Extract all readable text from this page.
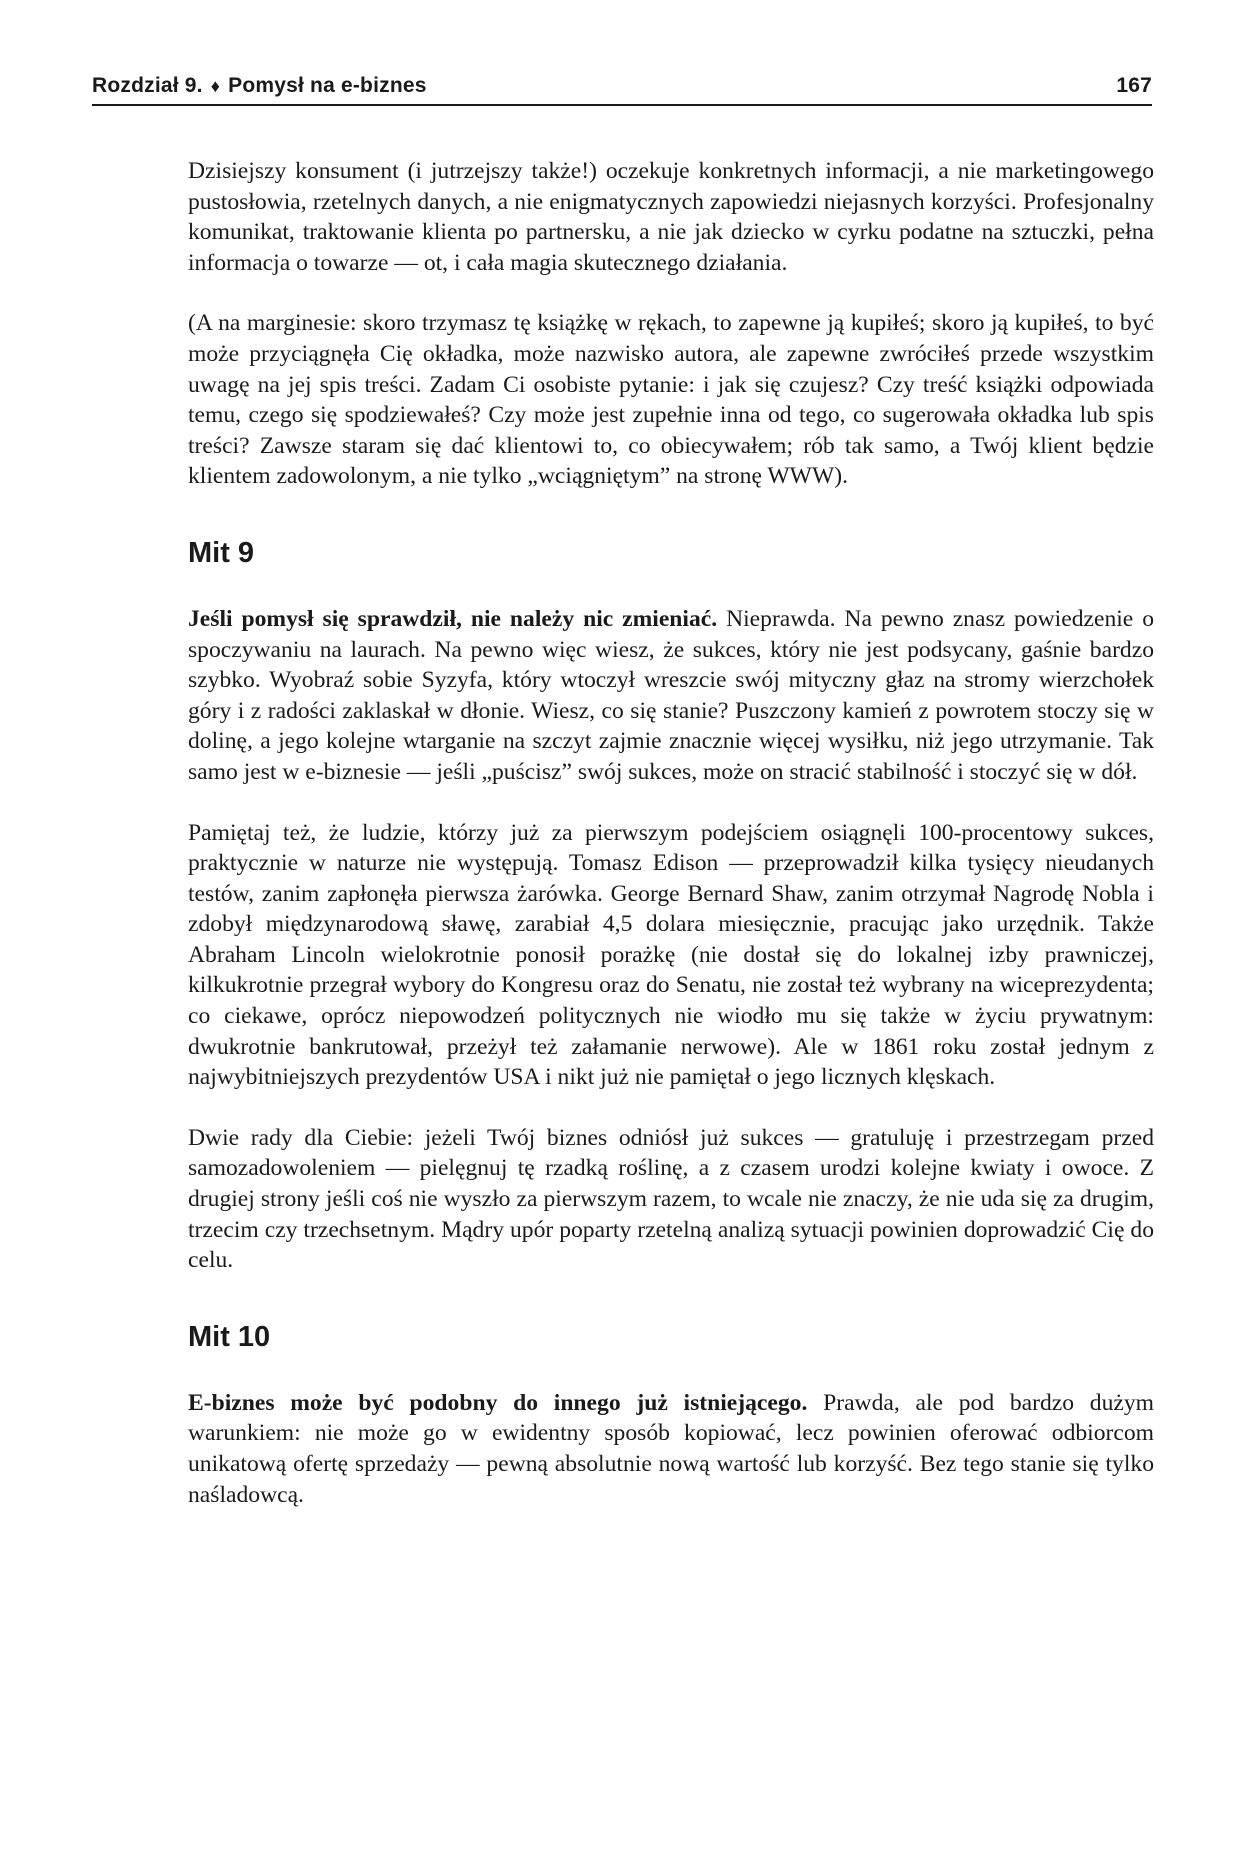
Rozdział 9. ♦ Pomysł na e-biznes	167

Dzisiejszy konsument (i jutrzejszy także!) oczekuje konkretnych informacji, a nie marketingowego pustosłowia, rzetelnych danych, a nie enigmatycznych zapowiedzi niejasnych korzyści. Profesjonalny komunikat, traktowanie klienta po partnersku, a nie jak dziecko w cyrku podatne na sztuczki, pełna informacja o towarze — ot, i cała magia skutecznego działania.

(A na marginesie: skoro trzymasz tę książkę w rękach, to zapewne ją kupiłeś; skoro ją kupiłeś, to być może przyciągnęła Cię okładka, może nazwisko autora, ale zapewne zwróciłeś przede wszystkim uwagę na jej spis treści. Zadam Ci osobiste pytanie: i jak się czujesz? Czy treść książki odpowiada temu, czego się spodziewałeś? Czy może jest zupełnie inna od tego, co sugerowała okładka lub spis treści? Zawsze staram się dać klientowi to, co obiecywałem; rób tak samo, a Twój klient będzie klientem zadowolonym, a nie tylko „wciągniętym” na stronę WWW).

Mit 9

Jeśli pomysł się sprawdził, nie należy nic zmieniać. Nieprawda. Na pewno znasz powiedzenie o spoczywaniu na laurach. Na pewno więc wiesz, że sukces, który nie jest podsycany, gaśnie bardzo szybko. Wyobraź sobie Syzyfa, który wtoczył wreszcie swój mityczny głaz na stromy wierzchołek góry i z radości zaklaskał w dłonie. Wiesz, co się stanie? Puszczony kamień z powrotem stoczy się w dolinę, a jego kolejne wtarganie na szczyt zajmie znacznie więcej wysiłku, niż jego utrzymanie. Tak samo jest w e-biznesie — jeśli „puścisz” swój sukces, może on stracić stabilność i stoczyć się w dół.

Pamiętaj też, że ludzie, którzy już za pierwszym podejściem osiągnęli 100-procentowy sukces, praktycznie w naturze nie występują. Tomasz Edison — przeprowadził kilka tysięcy nieudanych testów, zanim zapłonęła pierwsza żarówka. George Bernard Shaw, zanim otrzymał Nagrodę Nobla i zdobył międzynarodową sławę, zarabiał 4,5 dolara miesięcznie, pracując jako urzędnik. Także Abraham Lincoln wielokrotnie ponosił porażkę (nie dostał się do lokalnej izby prawniczej, kilkukrotnie przegrał wybory do Kongresu oraz do Senatu, nie został też wybrany na wiceprezydenta; co ciekawe, oprócz niepowodzeń politycznych nie wiodło mu się także w życiu prywatnym: dwukrotnie bankrutował, przeżył też załamanie nerwowe). Ale w 1861 roku został jednym z najwybitniejszych prezydentów USA i nikt już nie pamiętał o jego licznych klęskach.

Dwie rady dla Ciebie: jeżeli Twój biznes odniósł już sukces — gratuluję i przestrzegam przed samozadowoleniem — pielęgnuj tę rzadką roślinę, a z czasem urodzi kolejne kwiaty i owoce. Z drugiej strony jeśli coś nie wyszło za pierwszym razem, to wcale nie znaczy, że nie uda się za drugim, trzecim czy trzechsetnym. Mądry upór poparty rzetelną analizą sytuacji powinien doprowadzić Cię do celu.

Mit 10

E-biznes może być podobny do innego już istniejącego. Prawda, ale pod bardzo dużym warunkiem: nie może go w ewidentny sposób kopiować, lecz powinien oferować odbiorcom unikatową ofertę sprzedaży — pewną absolutnie nową wartość lub korzyść. Bez tego stanie się tylko naśladowcą.
